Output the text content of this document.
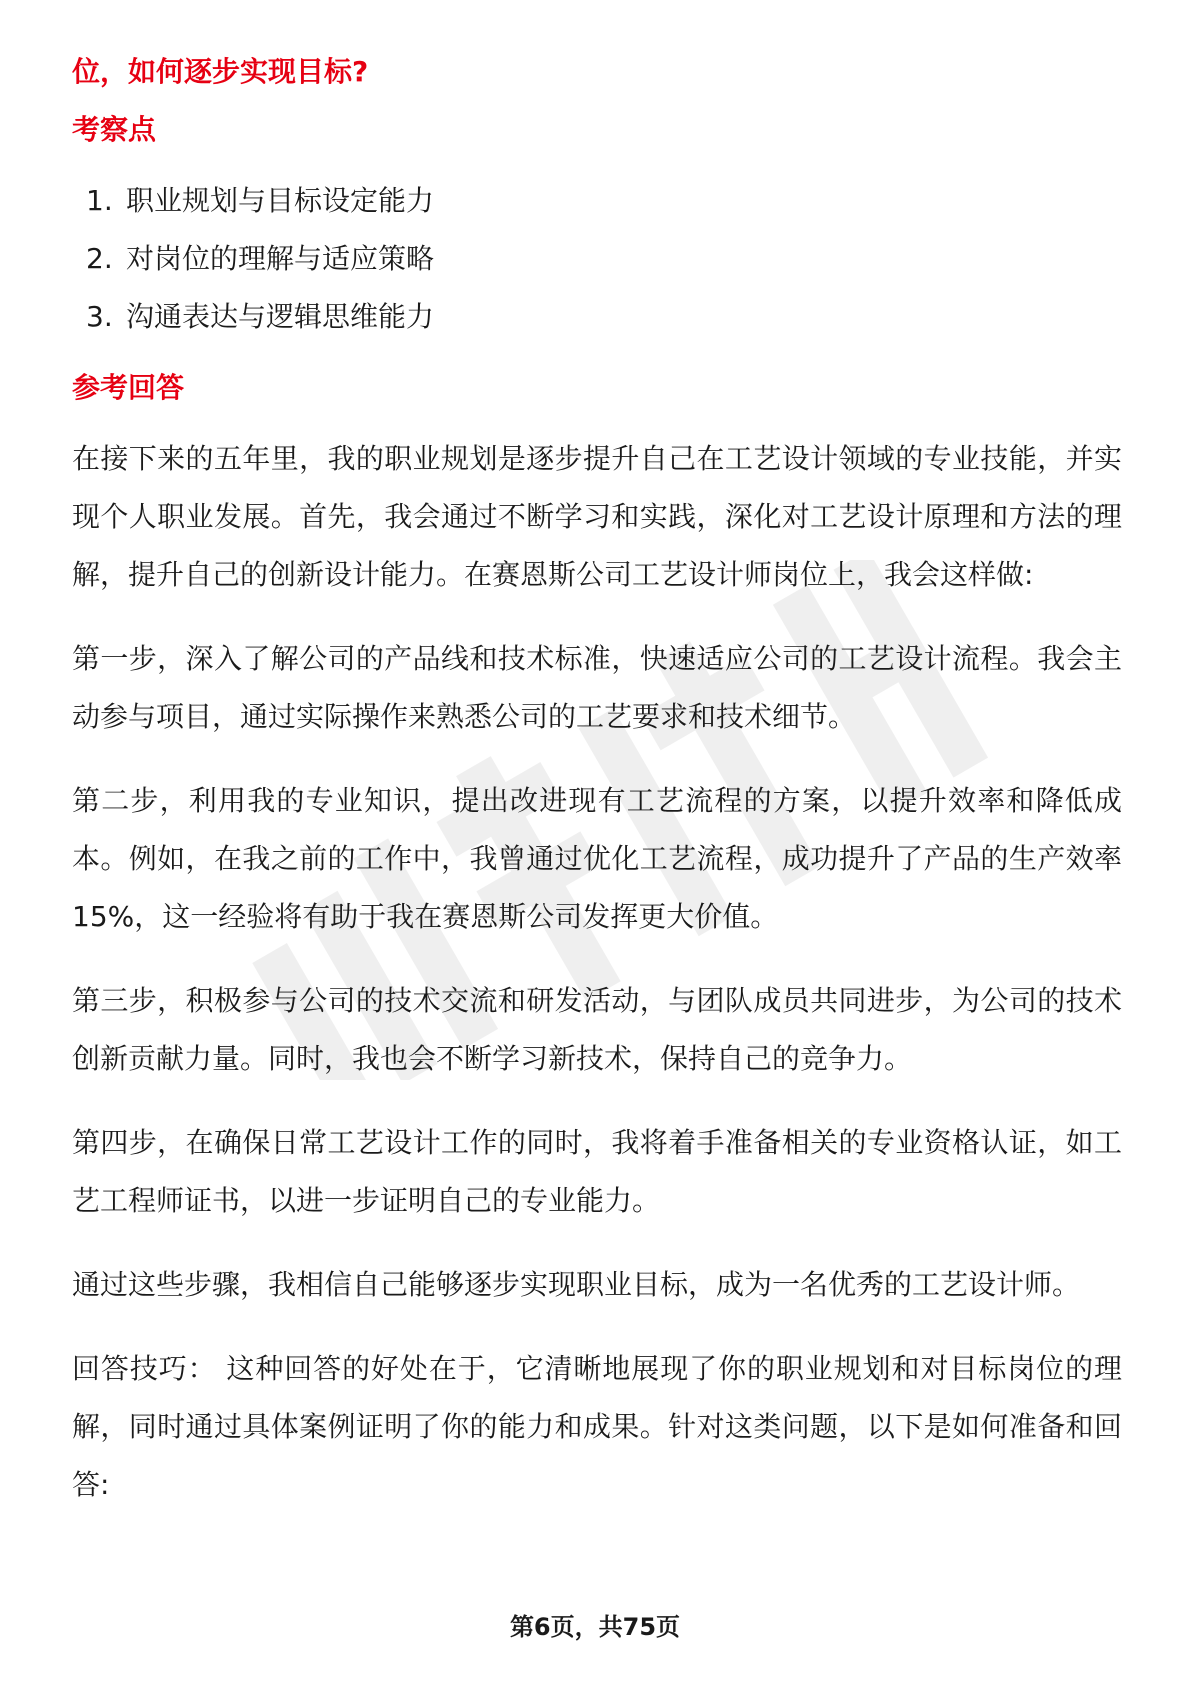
位，如何逐步实现目标?
考察点
1. 职业规划与目标设定能力
2. 对岗位的理解与适应策略
3. 沟通表达与逻辑思维能力
参考回答

在接下来的五年里，我的职业规划是逐步提升自己在工艺设计领域的专业技能，并实现个人职业发展。首先，我会通过不断学习和实践，深化对工艺设计原理和方法的理解，提升自己的创新设计能力。在赛恩斯公司工艺设计师岗位上，我会这样做:

第一步，深入了解公司的产品线和技术标准，快速适应公司的工艺设计流程。我会主动参与项目，通过实际操作来熟悉公司的工艺要求和技术细节。

第二步，利用我的专业知识，提出改进现有工艺流程的方案，以提升效率和降低成本。例如，在我之前的工作中，我曾通过优化工艺流程，成功提升了产品的生产效率15%，这一经验将有助于我在赛恩斯公司发挥更大价值。

第三步，积极参与公司的技术交流和研发活动，与团队成员共同进步，为公司的技术创新贡献力量。同时，我也会不断学习新技术，保持自己的竞争力。

第四步，在确保日常工艺设计工作的同时，我将着手准备相关的专业资格认证，如工艺工程师证书，以进一步证明自己的专业能力。

通过这些步骤，我相信自己能够逐步实现职业目标，成为一名优秀的工艺设计师。

回答技巧： 这种回答的好处在于，它清晰地展现了你的职业规划和对目标岗位的理解，同时通过具体案例证明了你的能力和成果。针对这类问题，以下是如何准备和回答:

第6页，共75页
